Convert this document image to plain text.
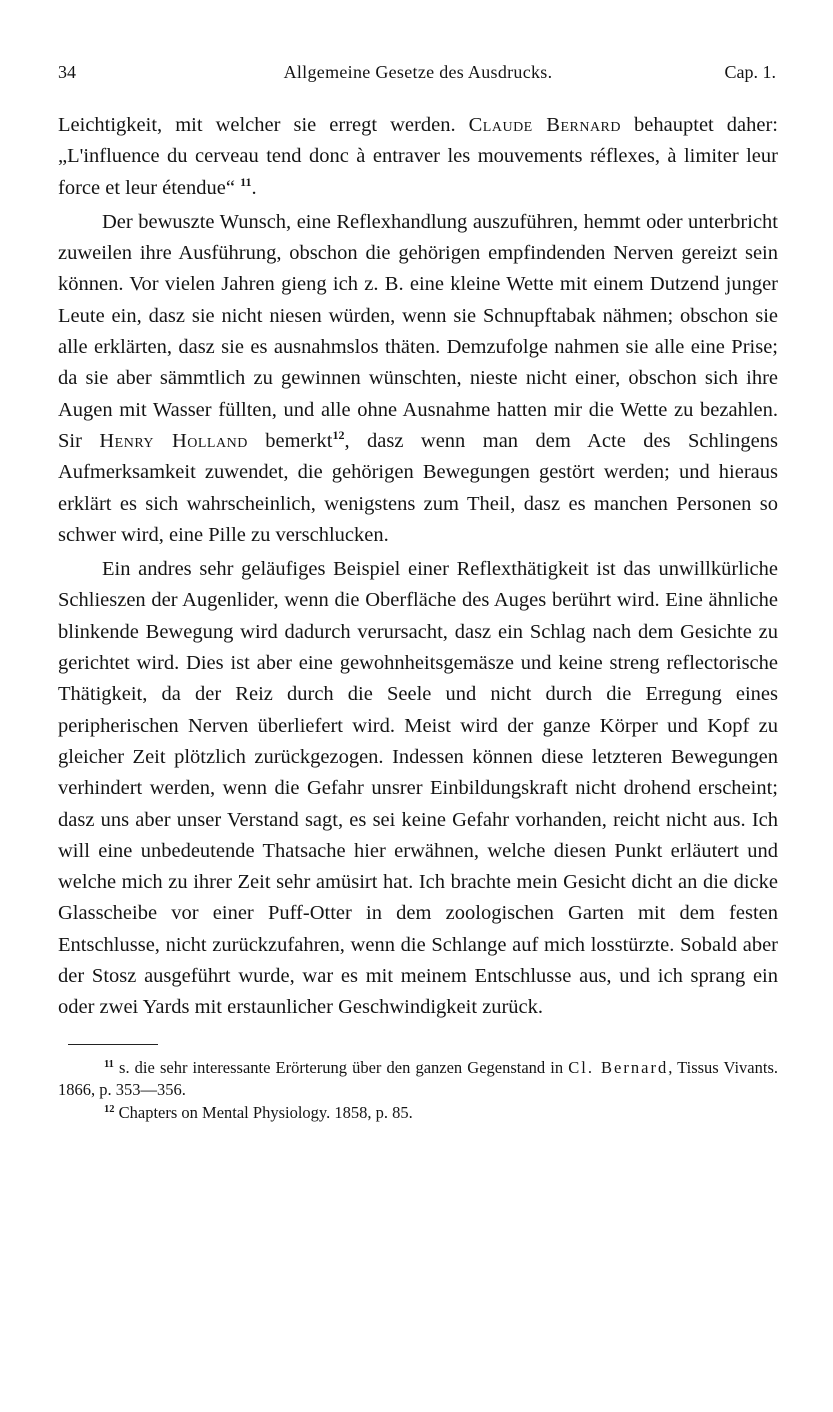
34	Allgemeine Gesetze des Ausdrucks.	Cap. 1.

Leichtigkeit, mit welcher sie erregt werden. Claude Bernard behauptet daher: „L'influence du cerveau tend donc à entraver les mouvements réflexes, à limiter leur force et leur étendue“ $^{11}$.

Der bewuszte Wunsch, eine Reflexhandlung auszuführen, hemmt oder unterbricht zuweilen ihre Ausführung, obschon die gehörigen empfindenden Nerven gereizt sein können. Vor vielen Jahren gieng ich z. B. eine kleine Wette mit einem Dutzend junger Leute ein, dasz sie nicht niesen würden, wenn sie Schnupftabak nähmen; obschon sie alle erklärten, dasz sie es ausnahmslos thäten. Demzufolge nahmen sie alle eine Prise; da sie aber sämmtlich zu gewinnen wünschten, nieste nicht einer, obschon sich ihre Augen mit Wasser füllten, und alle ohne Ausnahme hatten mir die Wette zu bezahlen. Sir Henry Holland bemerkt$^{12}$, dasz wenn man dem Acte des Schlingens Aufmerksamkeit zuwendet, die gehörigen Bewegungen gestört werden; und hieraus erklärt es sich wahrscheinlich, wenigstens zum Theil, dasz es manchen Personen so schwer wird, eine Pille zu verschlucken.

Ein andres sehr geläufiges Beispiel einer Reflexthätigkeit ist das unwillkürliche Schlieszen der Augenlider, wenn die Oberfläche des Auges berührt wird. Eine ähnliche blinkende Bewegung wird dadurch verursacht, dasz ein Schlag nach dem Gesichte zu gerichtet wird. Dies ist aber eine gewohnheitsgemäsze und keine streng reflectorische Thätigkeit, da der Reiz durch die Seele und nicht durch die Erregung eines peripherischen Nerven überliefert wird. Meist wird der ganze Körper und Kopf zu gleicher Zeit plötzlich zurückgezogen. Indessen können diese letzteren Bewegungen verhindert werden, wenn die Gefahr unsrer Einbildungskraft nicht drohend erscheint; dasz uns aber unser Verstand sagt, es sei keine Gefahr vorhanden, reicht nicht aus. Ich will eine unbedeutende Thatsache hier erwähnen, welche diesen Punkt erläutert und welche mich zu ihrer Zeit sehr amüsirt hat. Ich brachte mein Gesicht dicht an die dicke Glasscheibe vor einer Puff-Otter in dem zoologischen Garten mit dem festen Entschlusse, nicht zurückzufahren, wenn die Schlange auf mich losstürzte. Sobald aber der Stosz ausgeführt wurde, war es mit meinem Entschlusse aus, und ich sprang ein oder zwei Yards mit erstaunlicher Geschwindigkeit zurück.

$^{11}$ s. die sehr interessante Erörterung über den ganzen Gegenstand in Cl. Bernard, Tissus Vivants. 1866, p. 353—356.

$^{12}$ Chapters on Mental Physiology. 1858, p. 85.
